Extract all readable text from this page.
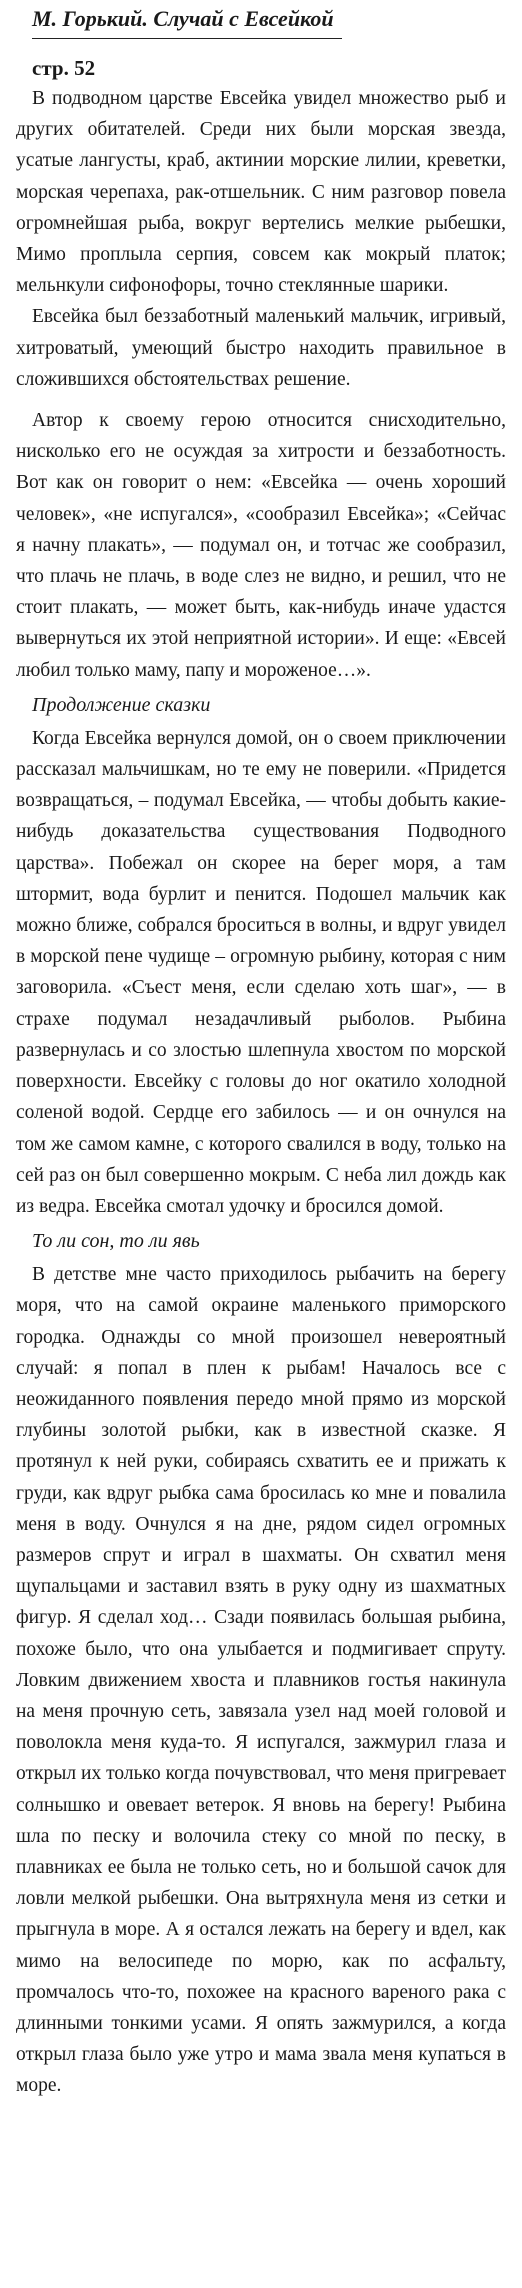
М. Горький. Случай с Евсейкой
стр. 52

В подводном царстве Евсейка увидел множество рыб и других обитателей. Среди них были морская звезда, усатые лангусты, краб, актинии морские лилии, креветки, морская черепаха, рак-отшельник. С ним разговор повела огромнейшая рыба, вокруг вертелись мелкие рыбешки, Мимо проплыла серпия, совсем как мокрый платок; мельнкули сифонофоры, точно стеклянные шарики.

Евсейка был беззаботный маленький мальчик, игривый, хитроватый, умеющий быстро находить правильное в сложившихся обстоятельствах решение.

Автор к своему герою относится снисходительно, нисколько его не осуждая за хитрости и беззаботность. Вот как он говорит о нем: «Евсейка — очень хороший человек», «не испугался», «сообразил Евсейка»; «Сейчас я начну плакать», — подумал он, и тотчас же сообразил, что плачь не плачь, в воде слез не видно, и решил, что не стоит плакать, — может быть, как-нибудь иначе удастся вывернуться их этой неприятной истории». И еще: «Евсей любил только маму, папу и мороженое…».

Продолжение сказки

Когда Евсейка вернулся домой, он о своем приключении рассказал мальчишкам, но те ему не поверили. «Придется возвращаться, – подумал Евсейка, — чтобы добыть какие-нибудь доказательства существования Подводного царства». Побежал он скорее на берег моря, а там штормит, вода бурлит и пенится. Подошел мальчик как можно ближе, собрался броситься в волны, и вдруг увидел в морской пене чудище – огромную рыбину, которая с ним заговорила. «Съест меня, если сделаю хоть шаг», — в страхе подумал незадачливый рыболов. Рыбина развернулась и со злостью шлепнула хвостом по морской поверхности. Евсейку с головы до ног окатило холодной соленой водой. Сердце его забилось — и он очнулся на том же самом камне, с которого свалился в воду, только на сей раз он был совершенно мокрым. С неба лил дождь как из ведра. Евсейка смотал удочку и бросился домой.

То ли сон, то ли явь

В детстве мне часто приходилось рыбачить на берегу моря, что на самой окраине маленького приморского городка. Однажды со мной произошел невероятный случай: я попал в плен к рыбам! Началось все с неожиданного появления передо мной прямо из морской глубины золотой рыбки, как в известной сказке. Я протянул к ней руки, собираясь схватить ее и прижать к груди, как вдруг рыбка сама бросилась ко мне и повалила меня в воду. Очнулся я на дне, рядом сидел огромных размеров спрут и играл в шахматы. Он схватил меня щупальцами и заставил взять в руку одну из шахматных фигур. Я сделал ход… Сзади появилась большая рыбина, похоже было, что она улыбается и подмигивает спруту. Ловким движением хвоста и плавников гостья накинула на меня прочную сеть, завязала узел над моей головой и поволокла меня куда-то. Я испугался, зажмурил глаза и открыл их только когда почувствовал, что меня пригревает солнышко и овевает ветерок. Я вновь на берегу! Рыбина шла по песку и волочила стеку со мной по песку, в плавниках ее была не только сеть, но и большой сачок для ловли мелкой рыбешки. Она вытряхнула меня из сетки и прыгнула в море. А я остался лежать на берегу и вдел, как мимо на велосипеде по морю, как по асфальту, промчалось что-то, похожее на красного вареного рака с длинными тонкими усами. Я опять зажмурился, а когда открыл глаза было уже утро и мама звала меня купаться в море.
